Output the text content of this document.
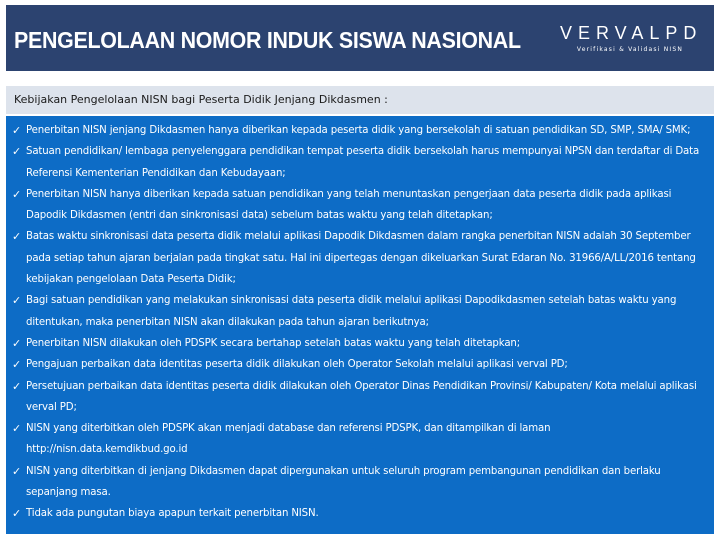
PENGELOLAAN NOMOR INDUK SISWA NASIONAL VERVALPD
Verifikasi & Validasi NISN
Kebijakan Pengelolaan NISN bagi Peserta Didik Jenjang Dikdasmen :
✓ Penerbitan NISN jenjang Dikdasmen hanya diberikan kepada peserta didik yang bersekolah di satuan pendidikan SD, SMP, SMA/ SMK;
✓ Satuan pendidikan/ lembaga penyelenggara pendidikan tempat peserta didik bersekolah harus mempunyai NPSN dan terdaftar di Data Referensi Kementerian Pendidikan dan Kebudayaan;
✓ Penerbitan NISN hanya diberikan kepada satuan pendidikan yang telah menuntaskan pengerjaan data peserta didik pada aplikasi Dapodik Dikdasmen (entri dan sinkronisasi data) sebelum batas waktu yang telah ditetapkan;
✓ Batas waktu sinkronisasi data peserta didik melalui aplikasi Dapodik Dikdasmen dalam rangka penerbitan NISN adalah 30 September pada setiap tahun ajaran berjalan pada tingkat satu. Hal ini dipertegas dengan dikeluarkan Surat Edaran No. 31966/A/LL/2016 tentang kebijakan pengelolaan Data Peserta Didik;
✓ Bagi satuan pendidikan yang melakukan sinkronisasi data peserta didik melalui aplikasi Dapodikdasmen setelah batas waktu yang ditentukan, maka penerbitan NISN akan dilakukan pada tahun ajaran berikutnya;
✓ Penerbitan NISN dilakukan oleh PDSPK secara bertahap setelah batas waktu yang telah ditetapkan;
✓ Pengajuan perbaikan data identitas peserta didik dilakukan oleh Operator Sekolah melalui aplikasi verval PD;
✓ Persetujuan perbaikan data identitas peserta didik dilakukan oleh Operator Dinas Pendidikan Provinsi/ Kabupaten/ Kota melalui aplikasi verval PD;
✓ NISN yang diterbitkan oleh PDSPK akan menjadi database dan referensi PDSPK, dan ditampilkan di laman http://nisn.data.kemdikbud.go.id
✓ NISN yang diterbitkan di jenjang Dikdasmen dapat dipergunakan untuk seluruh program pembangunan pendidikan dan berlaku sepanjang masa.
✓ Tidak ada pungutan biaya apapun terkait penerbitan NISN.
